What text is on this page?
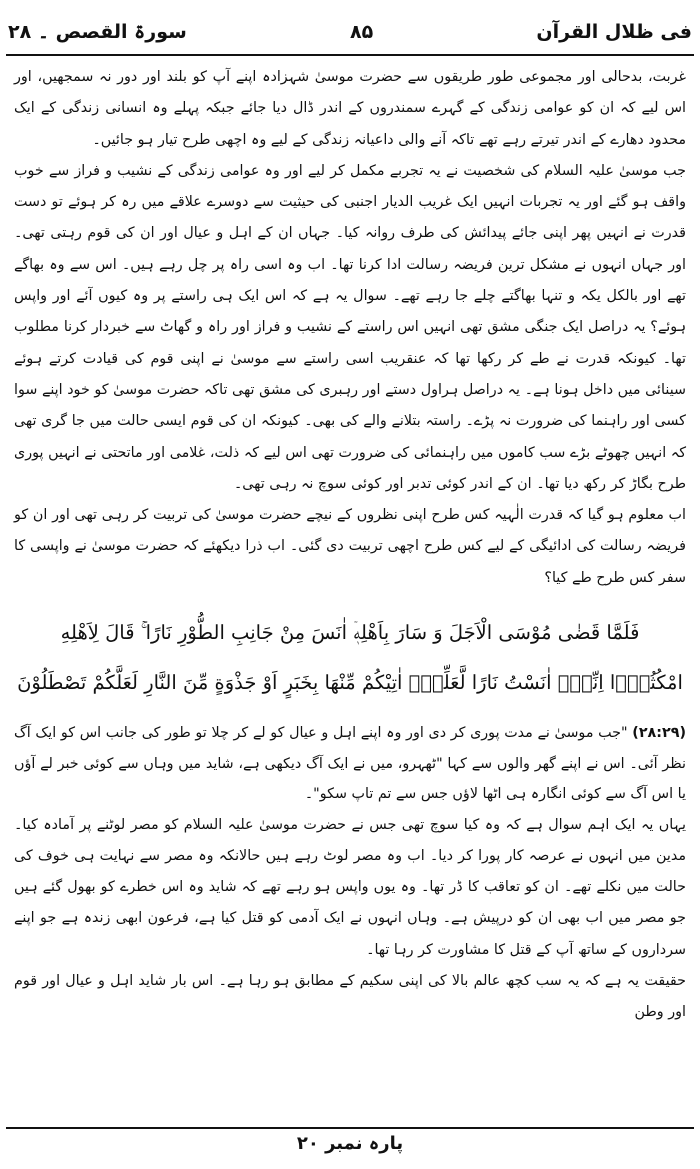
سورۃ القصص ۔ ۲۸	۸۵	فی ظلال القرآن

غربت، بدحالی اور مجموعی طور طریقوں سے حضرت موسیٰ شہزادہ اپنے آپ کو بلند اور دور نہ سمجھیں، اور اس لیے کہ ان کو عوامی زندگی کے گہرے سمندروں کے اندر ڈال دیا جائے جبکہ پہلے وہ انسانی زندگی کے ایک محدود دھارے کے اندر تیرتے رہے تھے تاکہ آنے والی داعیانہ زندگی کے لیے وہ اچھی طرح تیار ہو جائیں۔

جب موسیٰ علیہ السلام کی شخصیت نے یہ تجربے مکمل کر لیے اور وہ عوامی زندگی کے نشیب و فراز سے خوب واقف ہو گئے اور یہ تجربات انہیں ایک غریب الدیار اجنبی کی حیثیت سے دوسرے علاقے میں رہ کر ہوئے تو دست قدرت نے انہیں پھر اپنی جائے پیدائش کی طرف روانہ کیا۔ جہاں ان کے اہل و عیال اور ان کی قوم رہتی تھی۔ اور جہاں انہوں نے مشکل ترین فریضہ رسالت ادا کرنا تھا۔ اب وہ اسی راہ پر چل رہے ہیں۔ اس سے وہ بھاگے تھے اور بالکل یکہ و تنہا بھاگتے چلے جا رہے تھے۔ سوال یہ ہے کہ اس ایک ہی راستے پر وہ کیوں آئے اور واپس ہوئے؟ یہ دراصل ایک جنگی مشق تھی انہیں اس راستے کے نشیب و فراز اور راہ و گھاٹ سے خبردار کرنا مطلوب تھا۔ کیونکہ قدرت نے طے کر رکھا تھا کہ عنقریب اسی راستے سے موسیٰ نے اپنی قوم کی قیادت کرتے ہوئے سینائی میں داخل ہونا ہے۔ یہ دراصل ہراول دستے اور رہبری کی مشق تھی تاکہ حضرت موسیٰ کو خود اپنے سوا کسی اور راہنما کی ضرورت نہ پڑے۔ راستہ بتلانے والے کی بھی۔ کیونکہ ان کی قوم ایسی حالت میں جا گری تھی کہ انہیں چھوٹے بڑے سب کاموں میں راہنمائی کی ضرورت تھی اس لیے کہ ذلت، غلامی اور ماتحتی نے انہیں پوری طرح بگاڑ کر رکھ دیا تھا۔ ان کے اندر کوئی تدبر اور کوئی سوچ نہ رہی تھی۔

اب معلوم ہو گیا کہ قدرت الٰہیہ کس طرح اپنی نظروں کے نیچے حضرت موسیٰ کی تربیت کر رہی تھی اور ان کو فریضہ رسالت کی ادائیگی کے لیے کس طرح اچھی تربیت دی گئی۔ اب ذرا دیکھئے کہ حضرت موسیٰ نے واپسی کا سفر کس طرح طے کیا؟

فَلَمَّا قَضٰى مُوْسَى الْاَجَلَ وَ سَارَ بِاَهْلِهٖۤ اٰنَسَ مِنْ جَانِبِ الطُّوْرِ نَارًا ۚ قَالَ لِاَهْلِهِ
امْكُثُوْۤا اِنِّیْۤ اٰنَسْتُ نَارًا لَّعَلِّیْۤ اٰتِیْكُمْ مِّنْهَا بِخَبَرٍ اَوْ جَذْوَةٍ مِّنَ النَّارِ لَعَلَّكُمْ تَصْطَلُوْنَ

(۲۸:۲۹) "جب موسیٰ نے مدت پوری کر دی اور وہ اپنے اہل و عیال کو لے کر چلا تو طور کی جانب اس کو ایک آگ نظر آئی۔ اس نے اپنے گھر والوں سے کہا "ٹھہرو، میں نے ایک آگ دیکھی ہے، شاید میں وہاں سے کوئی خبر لے آؤں یا اس آگ سے کوئی انگارہ ہی اٹھا لاؤں جس سے تم تاپ سکو"۔

یہاں یہ ایک اہم سوال ہے کہ وہ کیا سوچ تھی جس نے حضرت موسیٰ علیہ السلام کو مصر لوٹنے پر آمادہ کیا۔ مدین میں انہوں نے عرصہ کار پورا کر دیا۔ اب وہ مصر لوٹ رہے ہیں حالانکہ وہ مصر سے نہایت ہی خوف کی حالت میں نکلے تھے۔ ان کو تعاقب کا ڈر تھا۔ وہ یوں واپس ہو رہے تھے کہ شاید وہ اس خطرے کو بھول گئے ہیں جو مصر میں اب بھی ان کو درپیش ہے۔ وہاں انہوں نے ایک آدمی کو قتل کیا ہے، فرعون ابھی زندہ ہے جو اپنے سرداروں کے ساتھ آپ کے قتل کا مشاورت کر رہا تھا۔

حقیقت یہ ہے کہ یہ سب کچھ عالم بالا کی اپنی سکیم کے مطابق ہو رہا ہے۔ اس بار شاید اہل و عیال اور قوم اور وطن

پارہ نمبر ۲۰
